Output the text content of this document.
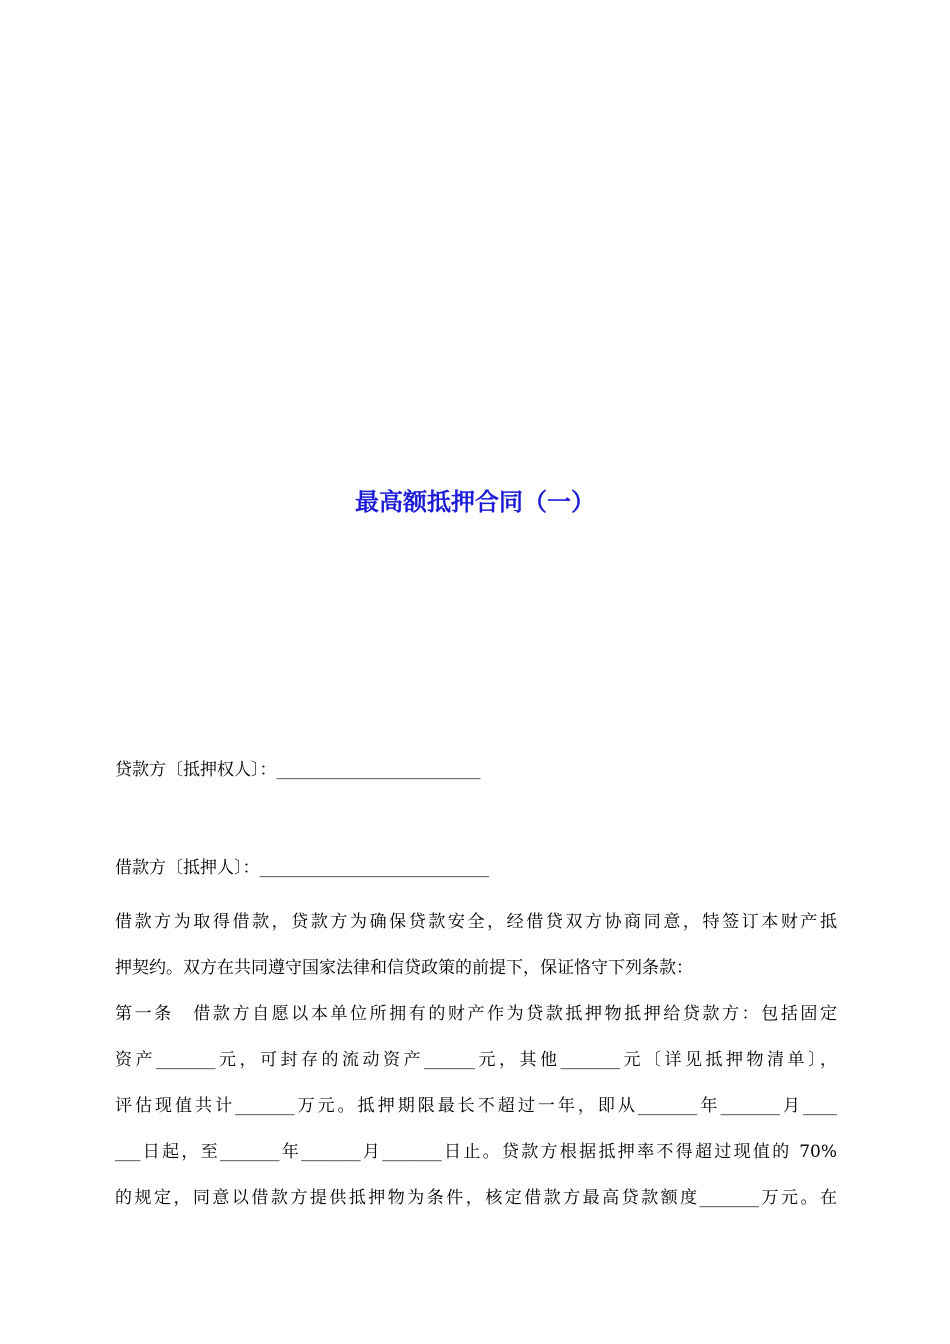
最高额抵押合同（一）
贷款方〔抵押权人〕：________________________
借款方〔抵押人〕：___________________________
借款方为取得借款，贷款方为确保贷款安全，经借贷双方协商同意，特签订本财产抵
押契约。双方在共同遵守国家法律和信贷政策的前提下，保证恪守下列条款：
第一条　借款方自愿以本单位所拥有的财产作为贷款抵押物抵押给贷款方：包括固定
资产_______元，可封存的流动资产______元，其他_______元〔详见抵押物清单〕，
评估现值共计_______万元。抵押期限最长不超过一年，即从_______年_______月____
___日起，至_______年_______月_______日止。贷款方根据抵押率不得超过现值的 70%
的规定，同意以借款方提供抵押物为条件，核定借款方最高贷款额度_______万元。在
